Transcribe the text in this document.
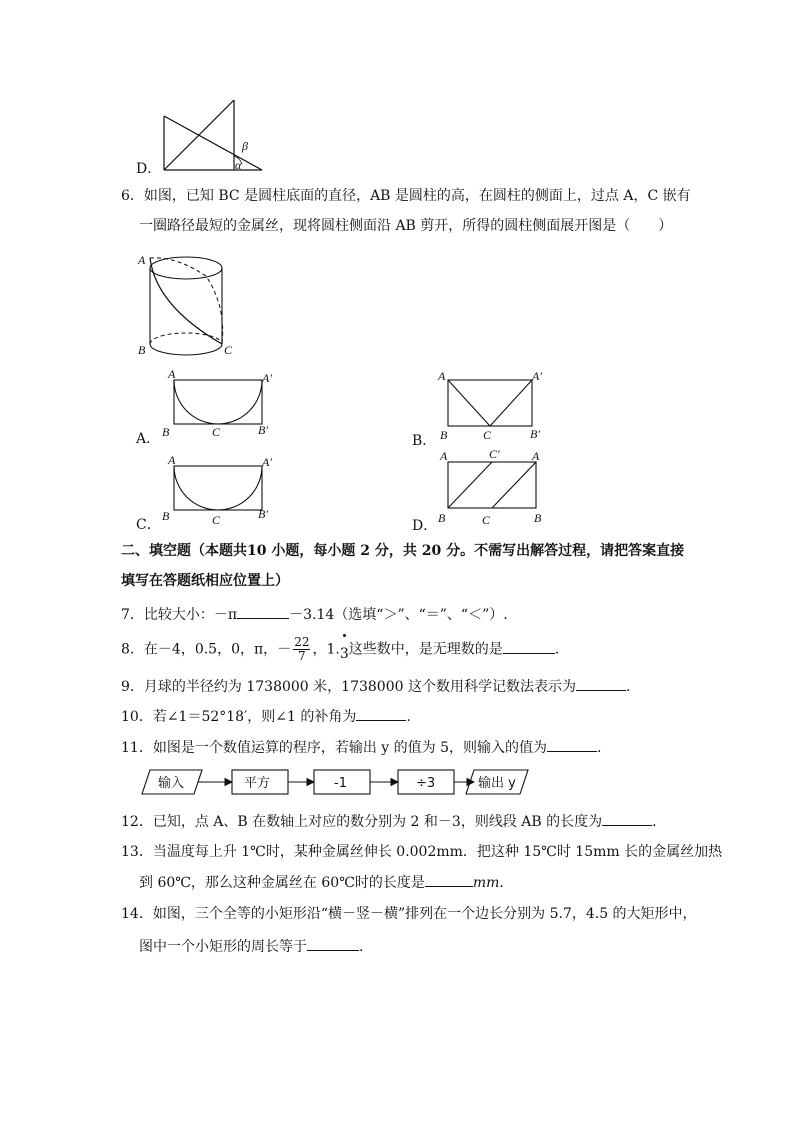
D．
β
α
6．如图，已知 BC 是圆柱底面的直径，AB 是圆柱的高，在圆柱的侧面上，过点 A，C 嵌有
一圈路径最短的金属丝，现将圆柱侧面沿 AB 剪开，所得的圆柱侧面展开图是（　　）
A
B	C
A．
A	A′
B	C	B′
B．
A	A′
B	C	B′
C．
A	A′
B	C	B′
D．
A	C′	A
B	C	B
二、填空题（本题共10 小题，每小题 2 分，共 20 分。不需写出解答过程，请把答案直接
填写在答题纸相应位置上）
7．比较大小：－π	－3.14（选填“＞”、“＝”、“＜”）.
8．在－4，0.5，0，π，－ $\frac{22}{7}$ ，1.3
这些数中，是无理数的是	.
9．月球的半径约为 1738000 米，1738000 这个数用科学记数法表示为	.
10．若∠1＝52°18′，则∠1 的补角为	.
11．如图是一个数值运算的程序，若输出 y 的值为 5，则输入的值为	.
输入	平方	-1	÷3	输出 y
12．已知，点 A、B 在数轴上对应的数分别为 2 和－3，则线段 AB 的长度为	.
13．当温度每上升 1℃时，某种金属丝伸长 0.002mm．把这种 15℃时 15mm 长的金属丝加热
到 60℃，那么这种金属丝在 60℃时的长度是	mm.
14．如图，三个全等的小矩形沿“横－竖－横”排列在一个边长分别为 5.7，4.5 的大矩形中，
图中一个小矩形的周长等于	.
